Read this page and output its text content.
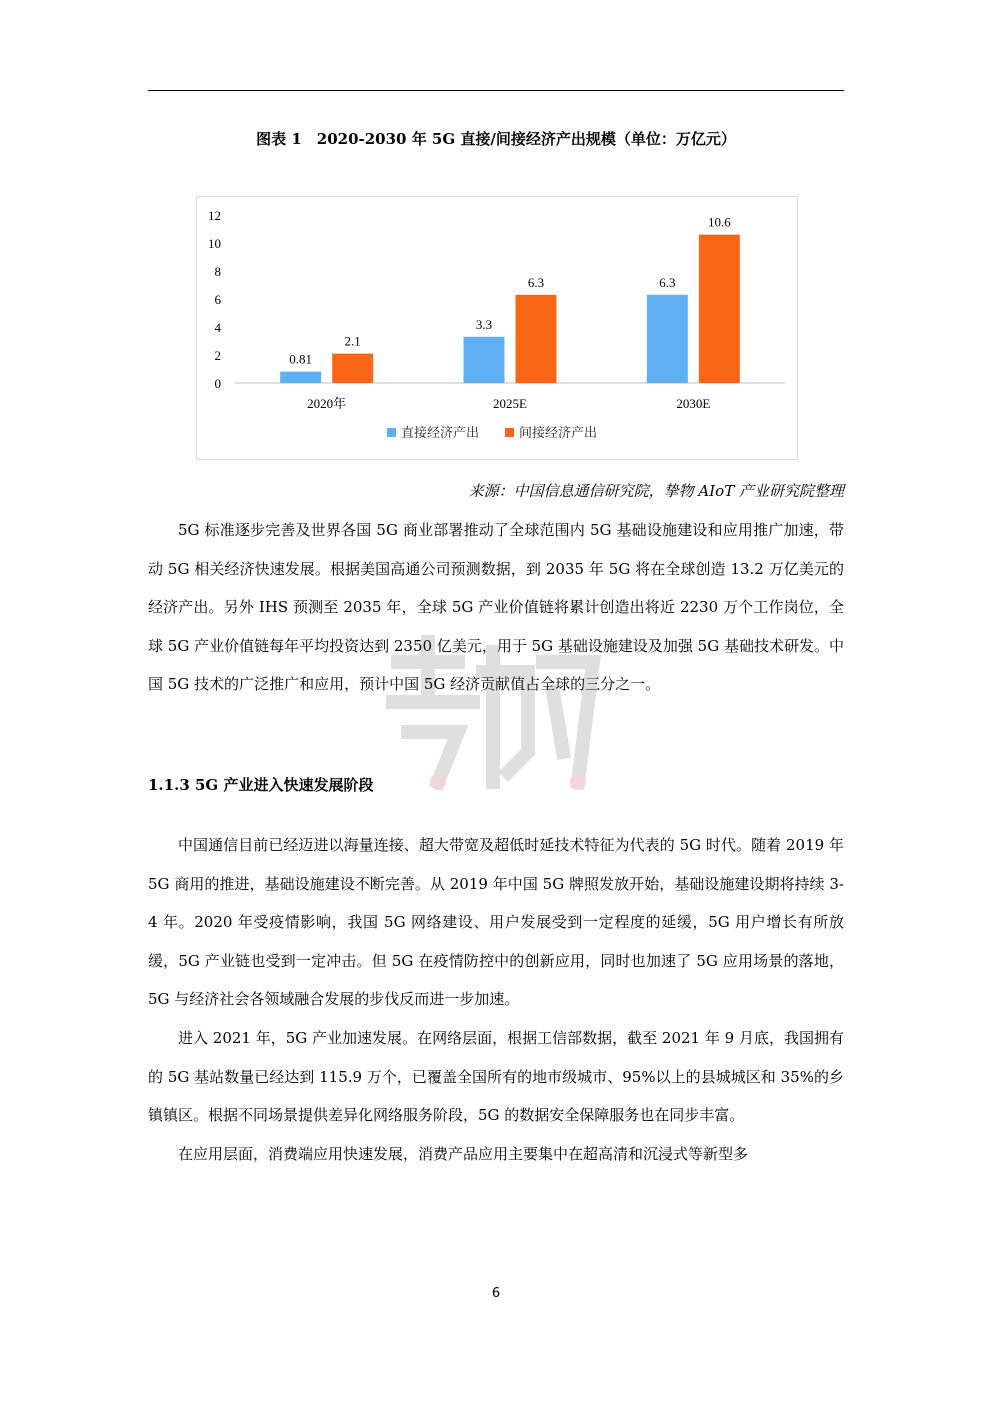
图表 1　2020-2030 年 5G 直接/间接经济产出规模（单位：万亿元）
0
2
4
6
8
10
12
2020年
0.81
2.1
2025E
3.3
6.3
2030E
6.3
10.6
直接经济产出	间接经济产出
来源：中国信息通信研究院，挚物 AIoT 产业研究院整理

5G 标准逐步完善及世界各国 5G 商业部署推动了全球范围内 5G 基础设施建设和应用推广加速，带动 5G 相关经济快速发展。根据美国高通公司预测数据，到 2035 年 5G 将在全球创造 13.2 万亿美元的经济产出。另外 IHS 预测至 2035 年，全球 5G 产业价值链将累计创造出将近 2230 万个工作岗位，全球 5G 产业价值链每年平均投资达到 2350 亿美元，用于 5G 基础设施建设及加强 5G 基础技术研发。中国 5G 技术的广泛推广和应用，预计中国 5G 经济贡献值占全球的三分之一。

1.1.3 5G 产业进入快速发展阶段

中国通信目前已经迈进以海量连接、超大带宽及超低时延技术特征为代表的 5G 时代。随着 2019 年 5G 商用的推进，基础设施建设不断完善。从 2019 年中国 5G 牌照发放开始，基础设施建设期将持续 3-4 年。2020 年受疫情影响，我国 5G 网络建设、用户发展受到一定程度的延缓，5G 用户增长有所放缓，5G 产业链也受到一定冲击。但 5G 在疫情防控中的创新应用，同时也加速了 5G 应用场景的落地，5G 与经济社会各领域融合发展的步伐反而进一步加速。

进入 2021 年，5G 产业加速发展。在网络层面，根据工信部数据，截至 2021 年 9 月底，我国拥有的 5G 基站数量已经达到 115.9 万个，已覆盖全国所有的地市级城市、95%以上的县城城区和 35%的乡镇镇区。根据不同场景提供差异化网络服务阶段，5G 的数据安全保障服务也在同步丰富。

在应用层面，消费端应用快速发展，消费产品应用主要集中在超高清和沉浸式等新型多

6
